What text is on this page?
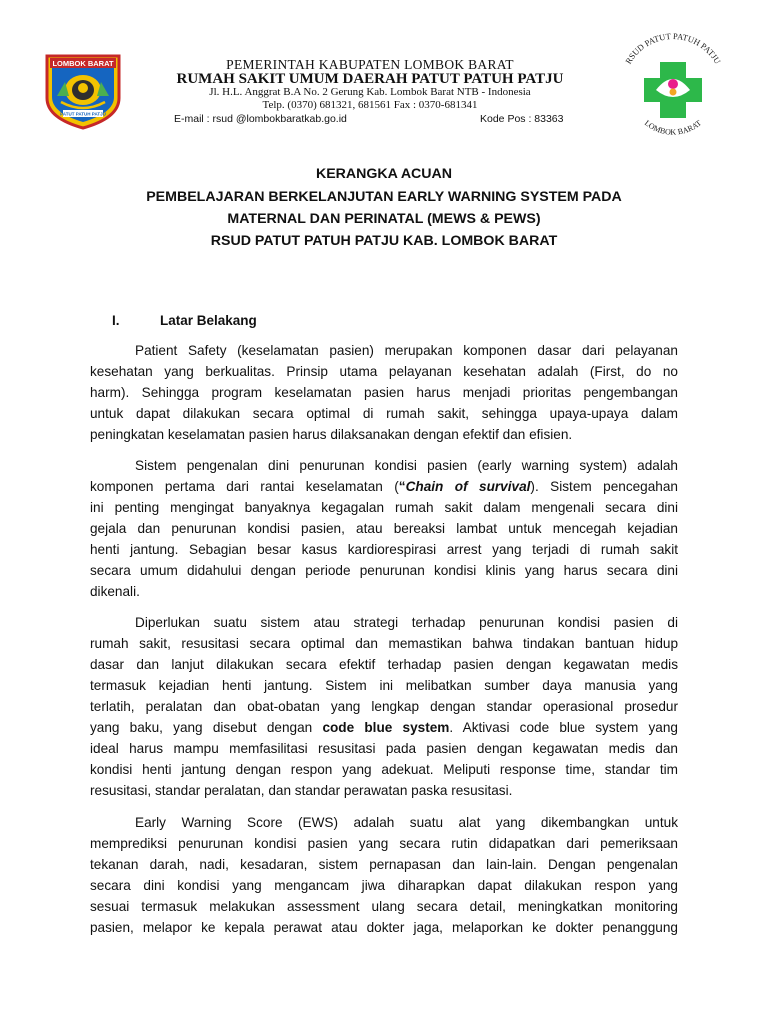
LOMBOK BARAT
PATUT PATUH PATJU
RSUD PATUT PATUH PATJU
LOMBOK BARAT
PEMERINTAH KABUPATEN LOMBOK BARAT
RUMAH SAKIT UMUM DAERAH PATUT PATUH PATJU
Jl. H.L. Anggrat B.A No. 2 Gerung Kab. Lombok Barat NTB - Indonesia
Telp. (0370) 681321, 681561 Fax : 0370-681341
E-mail : rsud @lombokbaratkab.go.id	Kode Pos : 83363
KERANGKA ACUAN
PEMBELAJARAN BERKELANJUTAN EARLY WARNING SYSTEM PADA
MATERNAL DAN PERINATAL (MEWS & PEWS)
RSUD PATUT PATUH PATJU KAB. LOMBOK BARAT
I.	Latar Belakang
Patient Safety (keselamatan pasien) merupakan komponen dasar dari pelayanan
kesehatan yang berkualitas. Prinsip utama pelayanan kesehatan adalah (First, do no
harm). Sehingga program keselamatan pasien harus menjadi prioritas pengembangan
untuk dapat dilakukan secara optimal di rumah sakit, sehingga upaya-upaya dalam
peningkatan keselamatan pasien harus dilaksanakan dengan efektif dan efisien.
Sistem pengenalan dini penurunan kondisi pasien (early warning system) adalah
komponen pertama dari rantai keselamatan (“Chain of survival). Sistem pencegahan
ini penting mengingat banyaknya kegagalan rumah sakit dalam mengenali secara dini
gejala dan penurunan kondisi pasien, atau bereaksi lambat untuk mencegah kejadian
henti jantung. Sebagian besar kasus kardiorespirasi arrest yang terjadi di rumah sakit
secara umum didahului dengan periode penurunan kondisi klinis yang harus secara dini
dikenali.
Diperlukan suatu sistem atau strategi terhadap penurunan kondisi pasien di
rumah sakit, resusitasi secara optimal dan memastikan bahwa tindakan bantuan hidup
dasar dan lanjut dilakukan secara efektif terhadap pasien dengan kegawatan medis
termasuk kejadian henti jantung. Sistem ini melibatkan sumber daya manusia yang
terlatih, peralatan dan obat-obatan yang lengkap dengan standar operasional prosedur
yang baku, yang disebut dengan code blue system. Aktivasi code blue system yang
ideal harus mampu memfasilitasi resusitasi pada pasien dengan kegawatan medis dan
kondisi henti jantung dengan respon yang adekuat. Meliputi response time, standar tim
resusitasi, standar peralatan, dan standar perawatan paska resusitasi.
Early Warning Score (EWS) adalah suatu alat yang dikembangkan untuk
memprediksi penurunan kondisi pasien yang secara rutin didapatkan dari pemeriksaan
tekanan darah, nadi, kesadaran, sistem pernapasan dan lain-lain. Dengan pengenalan
secara dini kondisi yang mengancam jiwa diharapkan dapat dilakukan respon yang
sesuai termasuk melakukan assessment ulang secara detail, meningkatkan monitoring
pasien, melapor ke kepala perawat atau dokter jaga, melaporkan ke dokter penanggung
